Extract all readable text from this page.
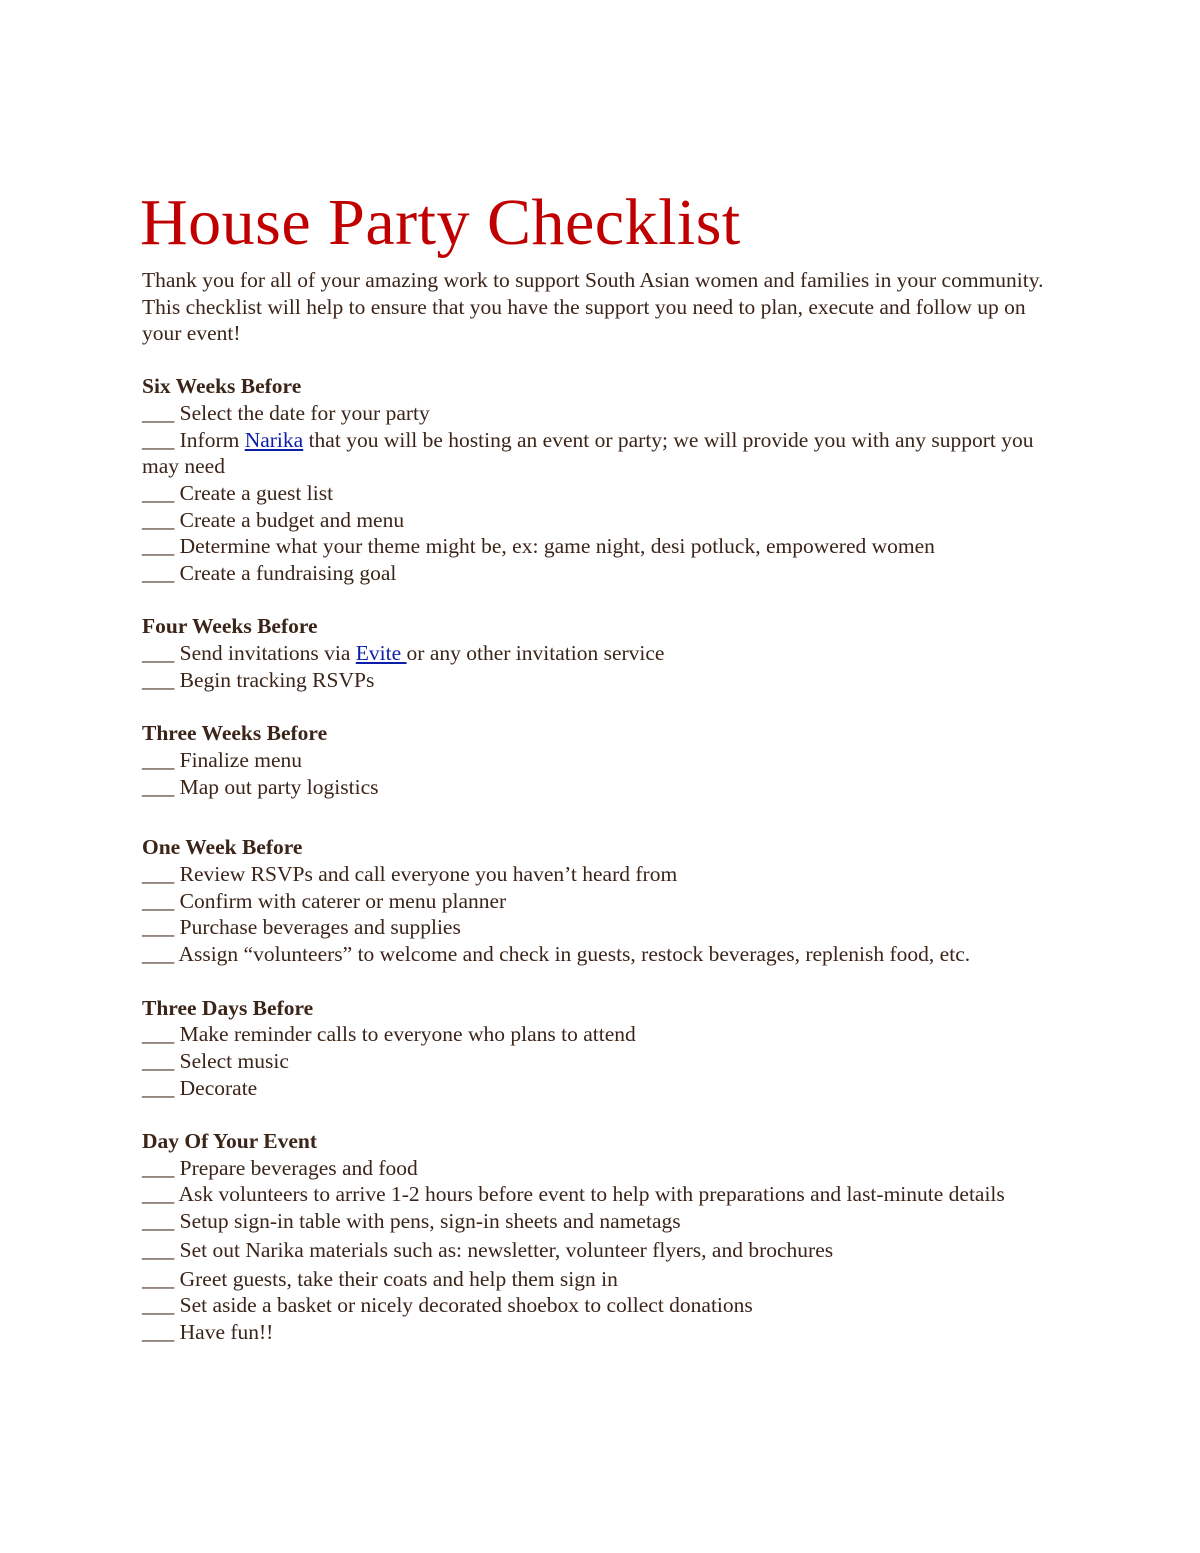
House Party Checklist

Thank you for all of your amazing work to support South Asian women and families in your community. This checklist will help to ensure that you have the support you need to plan, execute and follow up on your event!

Six Weeks Before

___ Select the date for your party

___ Inform Narika that you will be hosting an event or party; we will provide you with any support you may need

___ Create a guest list

___ Create a budget and menu

___ Determine what your theme might be, ex: game night, desi potluck, empowered women

___ Create a fundraising goal

Four Weeks Before

___ Send invitations via Evite or any other invitation service

___ Begin tracking RSVPs

Three Weeks Before

___ Finalize menu

___ Map out party logistics

One Week Before

___ Review RSVPs and call everyone you haven’t heard from

___ Confirm with caterer or menu planner

___ Purchase beverages and supplies

___ Assign “volunteers” to welcome and check in guests, restock beverages, replenish food, etc.

Three Days Before

___ Make reminder calls to everyone who plans to attend

___ Select music

___ Decorate

Day Of Your Event

___ Prepare beverages and food

___ Ask volunteers to arrive 1-2 hours before event to help with preparations and last-minute details

___ Setup sign-in table with pens, sign-in sheets and nametags

___ Set out Narika materials such as: newsletter, volunteer flyers, and brochures

___ Greet guests, take their coats and help them sign in

___ Set aside a basket or nicely decorated shoebox to collect donations

___ Have fun!!
